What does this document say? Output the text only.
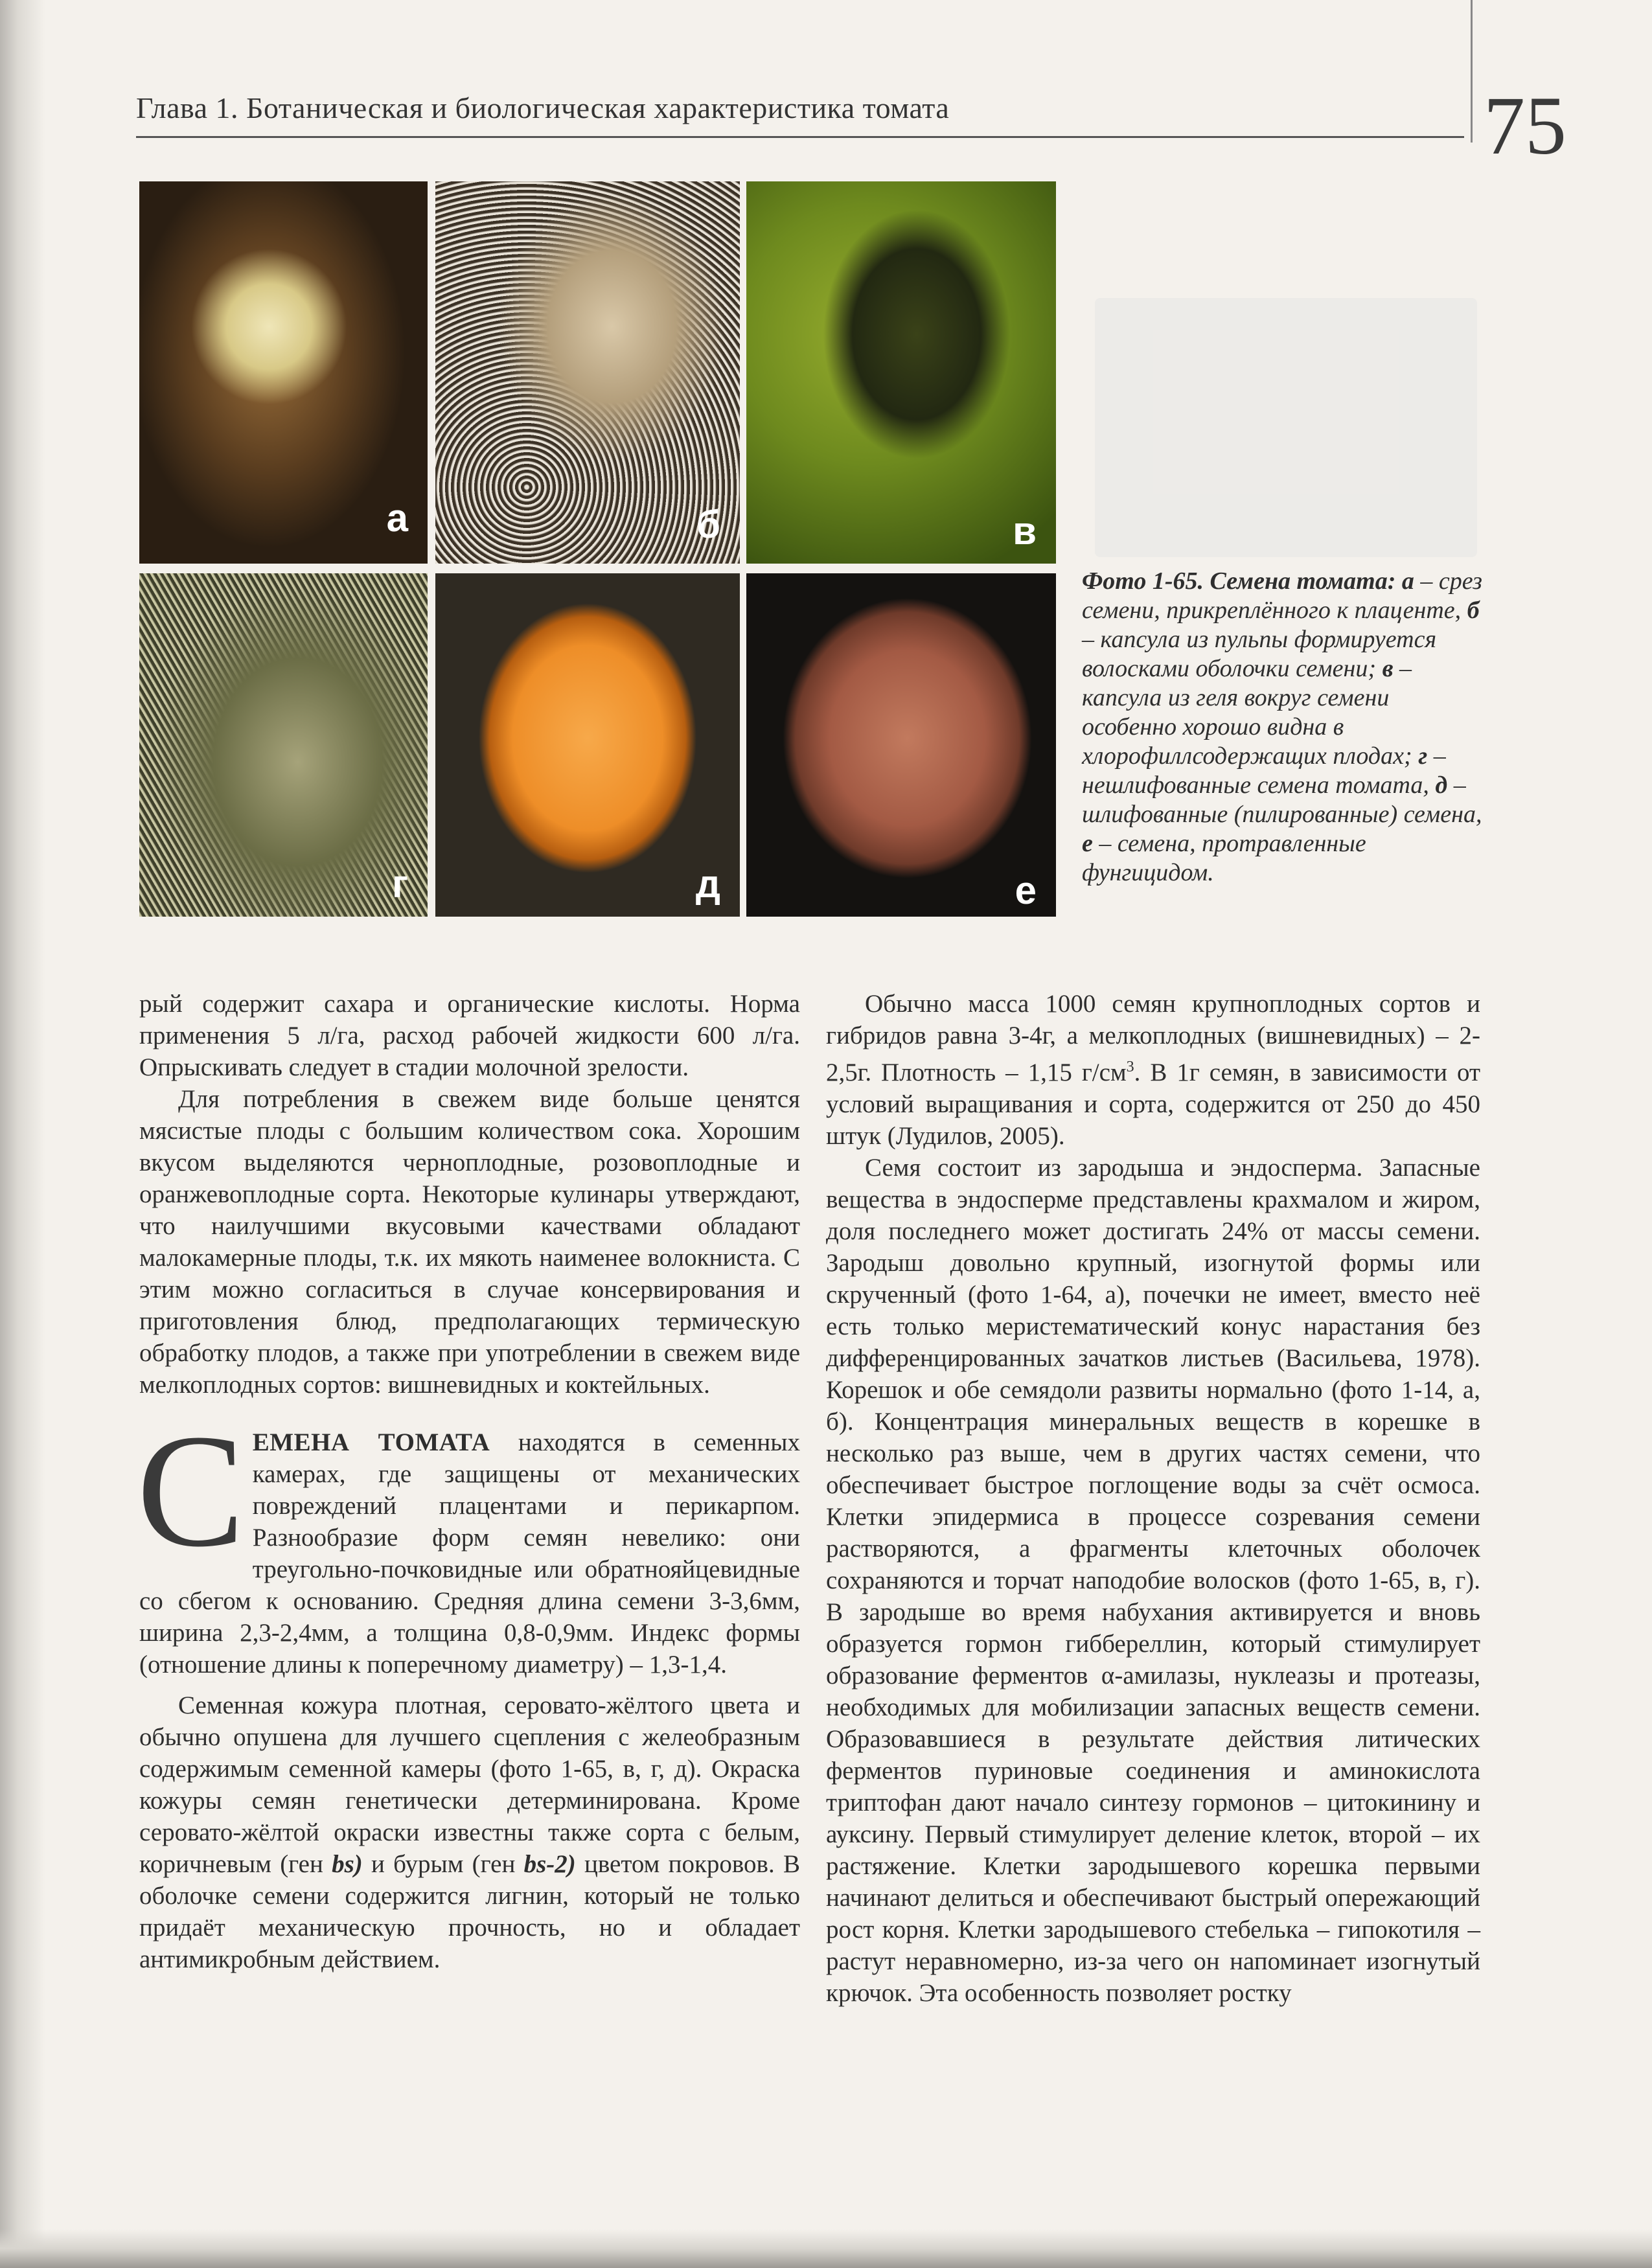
Глава 1. Ботаническая и биологическая характеристика томата	75
а	б	в
г	д	е
Фото 1-65. Семена томата: а – срез семени, прикреплённого к плаценте, б – капсула из пульпы формируется волосками оболочки семени; в – капсула из геля вокруг семени особенно хорошо видна в хлорофиллсодержащих плодах; г – нешлифованные семена томата, д – шлифованные (пилированные) семена, е – семена, протравленные фунгицидом.

рый содержит сахара и органические кислоты. Норма применения 5 л/га, расход рабочей жидкости 600 л/га. Опрыскивать следует в стадии молочной зрелости.

Для потребления в свежем виде больше ценятся мясистые плоды с большим количеством сока. Хорошим вкусом выделяются черноплодные, розовоплодные и оранжевоплодные сорта. Некоторые кулинары утверждают, что наилучшими вкусовыми качествами обладают малокамерные плоды, т.к. их мякоть наименее волокниста. С этим можно согласиться в случае консервирования и приготовления блюд, предполагающих термическую обработку плодов, а также при употреблении в свежем виде мелкоплодных сортов: вишневидных и коктейльных.

СЕМЕНА ТОМАТА находятся в семенных камерах, где защищены от механических повреждений плацентами и перикарпом. Разнообразие форм семян невелико: они треугольно-почковидные или обратнояйцевидные со сбегом к основанию. Средняя длина семени 3-3,6мм, ширина 2,3-2,4мм, а толщина 0,8-0,9мм. Индекс формы (отношение длины к поперечному диаметру) – 1,3-1,4.

Семенная кожура плотная, серовато-жёлтого цвета и обычно опушена для лучшего сцепления с желеобразным содержимым семенной камеры (фото 1-65, в, г, д). Окраска кожуры семян генетически детерминирована. Кроме серовато-жёлтой окраски известны также сорта с белым, коричневым (ген bs) и бурым (ген bs-2) цветом покровов. В оболочке семени содержится лигнин, который не только придаёт механическую прочность, но и обладает антимикробным действием.

Обычно масса 1000 семян крупноплодных сортов и гибридов равна 3-4г, а мелкоплодных (вишневидных) – 2-2,5г. Плотность – 1,15 $г/см^3$. В 1г семян, в зависимости от условий выращивания и сорта, содержится от 250 до 450 штук (Лудилов, 2005).

Семя состоит из зародыша и эндосперма. Запасные вещества в эндосперме представлены крахмалом и жиром, доля последнего может достигать 24% от массы семени. Зародыш довольно крупный, изогнутой формы или скрученный (фото 1-64, а), почечки не имеет, вместо неё есть только меристематический конус нарастания без дифференцированных зачатков листьев (Васильева, 1978). Корешок и обе семядоли развиты нормально (фото 1-14, а, б). Концентрация минеральных веществ в корешке в несколько раз выше, чем в других частях семени, что обеспечивает быстрое поглощение воды за счёт осмоса. Клетки эпидермиса в процессе созревания семени растворяются, а фрагменты клеточных оболочек сохраняются и торчат наподобие волосков (фото 1-65, в, г). В зародыше во время набухания активируется и вновь образуется гормон гиббереллин, который стимулирует образование ферментов α-амилазы, нуклеазы и протеазы, необходимых для мобилизации запасных веществ семени. Образовавшиеся в результате действия литических ферментов пуриновые соединения и аминокислота триптофан дают начало синтезу гормонов – цитокинину и ауксину. Первый стимулирует деление клеток, второй – их растяжение. Клетки зародышевого корешка первыми начинают делиться и обеспечивают быстрый опережающий рост корня. Клетки зародышевого стебелька – гипокотиля – растут неравномерно, из-за чего он напоминает изогнутый крючок. Эта особенность позволяет ростку
